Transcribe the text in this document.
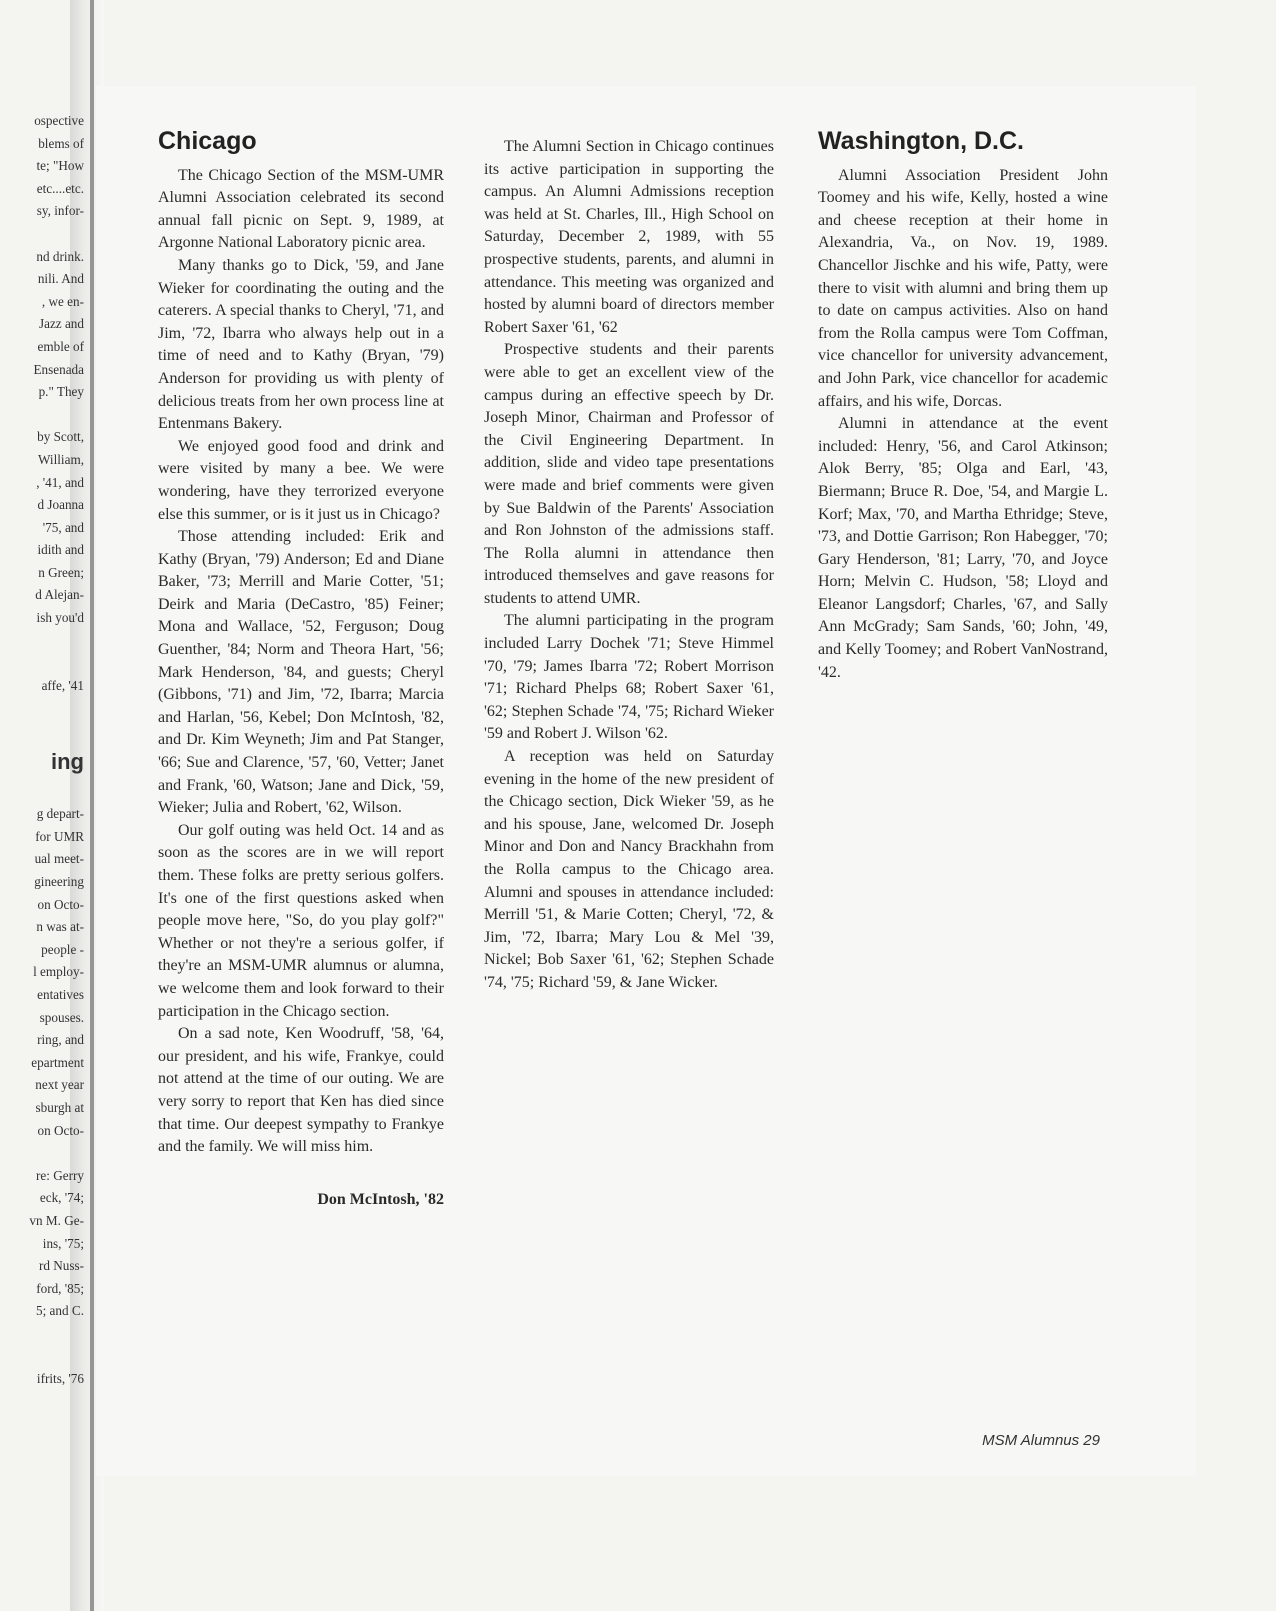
ospective
blems of
te; "How
etc....etc.
sy, infor-
nd drink.
nili. And
, we en-
Jazz and
emble of
Ensenada
p." They
by Scott,
William,
, '41, and
d Joanna
'75, and
idith and
n Green;
d Alejan-
ish you'd
affe, '41
ing
g depart-
for UMR
ual meet-
gineering
on Octo-
n was at-
people -
l employ-
entatives
spouses.
ring, and
epartment
next year
sburgh at
on Octo-
re: Gerry
eck, '74;
vn M. Ge-
ins, '75;
rd Nuss-
ford, '85;
5; and C.
ifrits, '76
Chicago

The Chicago Section of the MSM-UMR Alumni Association celebrated its second annual fall picnic on Sept. 9, 1989, at Argonne National Laboratory picnic area.

Many thanks go to Dick, '59, and Jane Wieker for coordinating the outing and the caterers. A special thanks to Cheryl, '71, and Jim, '72, Ibarra who always help out in a time of need and to Kathy (Bryan, '79) Anderson for providing us with plenty of delicious treats from her own process line at Entenmans Bakery.

We enjoyed good food and drink and were visited by many a bee. We were wondering, have they terrorized everyone else this summer, or is it just us in Chicago?

Those attending included: Erik and Kathy (Bryan, '79) Anderson; Ed and Diane Baker, '73; Merrill and Marie Cotter, '51; Deirk and Maria (DeCastro, '85) Feiner; Mona and Wallace, '52, Ferguson; Doug Guenther, '84; Norm and Theora Hart, '56; Mark Henderson, '84, and guests; Cheryl (Gibbons, '71) and Jim, '72, Ibarra; Marcia and Harlan, '56, Kebel; Don McIntosh, '82, and Dr. Kim Weyneth; Jim and Pat Stanger, '66; Sue and Clarence, '57, '60, Vetter; Janet and Frank, '60, Watson; Jane and Dick, '59, Wieker; Julia and Robert, '62, Wilson.

Our golf outing was held Oct. 14 and as soon as the scores are in we will report them. These folks are pretty serious golfers. It's one of the first questions asked when people move here, "So, do you play golf?" Whether or not they're a serious golfer, if they're an MSM-UMR alumnus or alumna, we welcome them and look forward to their participation in the Chicago section.

On a sad note, Ken Woodruff, '58, '64, our president, and his wife, Frankye, could not attend at the time of our outing. We are very sorry to report that Ken has died since that time. Our deepest sympathy to Frankye and the family. We will miss him.

Don McIntosh, '82

The Alumni Section in Chicago continues its active participation in supporting the campus. An Alumni Admissions reception was held at St. Charles, Ill., High School on Saturday, December 2, 1989, with 55 prospective students, parents, and alumni in attendance. This meeting was organized and hosted by alumni board of directors member Robert Saxer '61, '62

Prospective students and their parents were able to get an excellent view of the campus during an effective speech by Dr. Joseph Minor, Chairman and Professor of the Civil Engineering Department. In addition, slide and video tape presentations were made and brief comments were given by Sue Baldwin of the Parents' Association and Ron Johnston of the admissions staff. The Rolla alumni in attendance then introduced themselves and gave reasons for students to attend UMR.

The alumni participating in the program included Larry Dochek '71; Steve Himmel '70, '79; James Ibarra '72; Robert Morrison '71; Richard Phelps 68; Robert Saxer '61, '62; Stephen Schade '74, '75; Richard Wieker '59 and Robert J. Wilson '62.

A reception was held on Saturday evening in the home of the new president of the Chicago section, Dick Wieker '59, as he and his spouse, Jane, welcomed Dr. Joseph Minor and Don and Nancy Brackhahn from the Rolla campus to the Chicago area. Alumni and spouses in attendance included: Merrill '51, & Marie Cotten; Cheryl, '72, & Jim, '72, Ibarra; Mary Lou & Mel '39, Nickel; Bob Saxer '61, '62; Stephen Schade '74, '75; Richard '59, & Jane Wicker.

Washington, D.C.

Alumni Association President John Toomey and his wife, Kelly, hosted a wine and cheese reception at their home in Alexandria, Va., on Nov. 19, 1989. Chancellor Jischke and his wife, Patty, were there to visit with alumni and bring them up to date on campus activities. Also on hand from the Rolla campus were Tom Coffman, vice chancellor for university advancement, and John Park, vice chancellor for academic affairs, and his wife, Dorcas.

Alumni in attendance at the event included: Henry, '56, and Carol Atkinson; Alok Berry, '85; Olga and Earl, '43, Biermann; Bruce R. Doe, '54, and Margie L. Korf; Max, '70, and Martha Ethridge; Steve, '73, and Dottie Garrison; Ron Habegger, '70; Gary Henderson, '81; Larry, '70, and Joyce Horn; Melvin C. Hudson, '58; Lloyd and Eleanor Langsdorf; Charles, '67, and Sally Ann McGrady; Sam Sands, '60; John, '49, and Kelly Toomey; and Robert VanNostrand, '42.

MSM Alumnus 29
